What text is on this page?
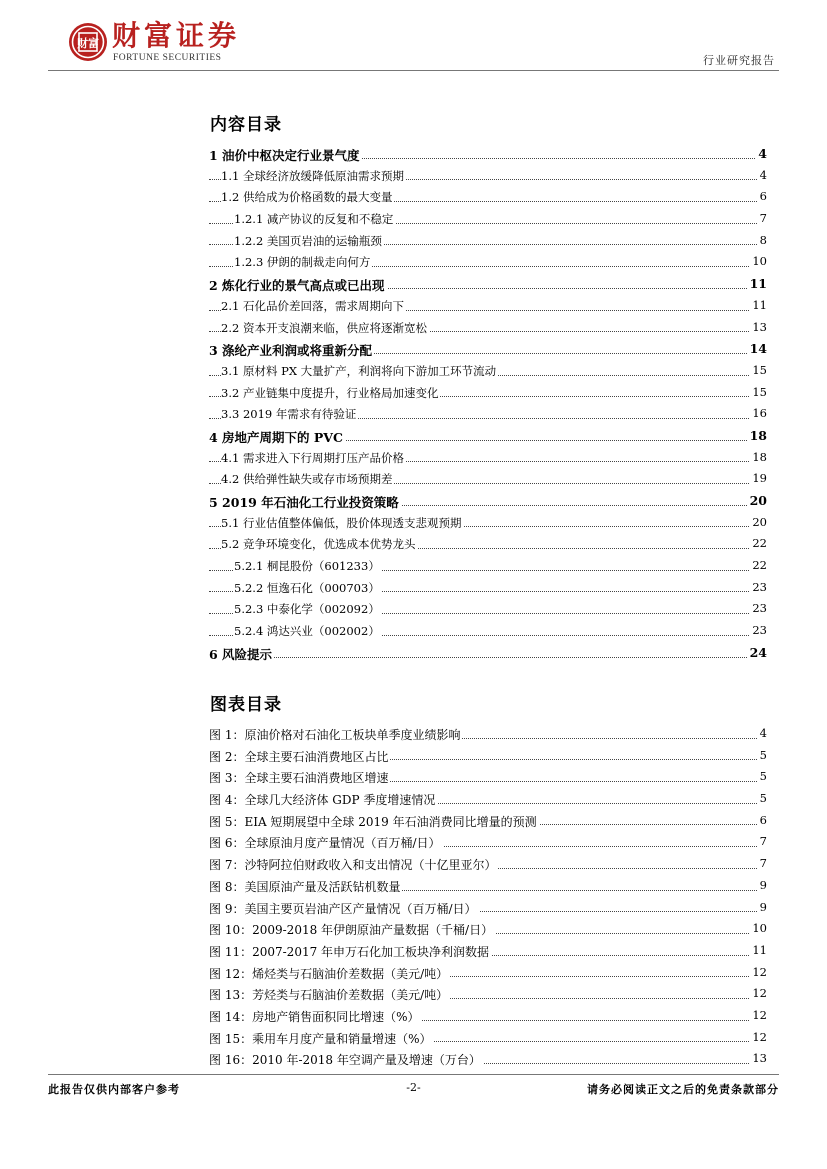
财富 财富证券
FORTUNE SECURITIES	行业研究报告
内容目录
1 油价中枢决定行业景气度	4
1.1 全球经济放缓降低原油需求预期	4
1.2 供给成为价格函数的最大变量	6
1.2.1 减产协议的反复和不稳定	7
1.2.2 美国页岩油的运输瓶颈	8
1.2.3 伊朗的制裁走向何方	10
2 炼化行业的景气高点或已出现	11
2.1 石化品价差回落，需求周期向下	11
2.2 资本开支浪潮来临，供应将逐渐宽松	13
3 涤纶产业利润或将重新分配	14
3.1 原材料 PX 大量扩产，利润将向下游加工环节流动	15
3.2 产业链集中度提升，行业格局加速变化	15
3.3 2019 年需求有待验证	16
4 房地产周期下的 PVC	18
4.1 需求进入下行周期打压产品价格	18
4.2 供给弹性缺失或存市场预期差	19
5 2019 年石油化工行业投资策略	20
5.1 行业估值整体偏低，股价体现透支悲观预期	20
5.2 竞争环境变化，优选成本优势龙头	22
5.2.1 桐昆股份（601233）	22
5.2.2 恒逸石化（000703）	23
5.2.3 中泰化学（002092）	23
5.2.4 鸿达兴业（002002）	23
6 风险提示	24
图表目录
图 1：原油价格对石油化工板块单季度业绩影响	4
图 2：全球主要石油消费地区占比	5
图 3：全球主要石油消费地区增速	5
图 4：全球几大经济体 GDP 季度增速情况	5
图 5：EIA 短期展望中全球 2019 年石油消费同比增量的预测	6
图 6：全球原油月度产量情况（百万桶/日）	7
图 7：沙特阿拉伯财政收入和支出情况（十亿里亚尔）	7
图 8：美国原油产量及活跃钻机数量	9
图 9：美国主要页岩油产区产量情况（百万桶/日）	9
图 10：2009-2018 年伊朗原油产量数据（千桶/日）	10
图 11：2007-2017 年申万石化加工板块净利润数据	11
图 12：烯烃类与石脑油价差数据（美元/吨）	12
图 13：芳烃类与石脑油价差数据（美元/吨）	12
图 14：房地产销售面积同比增速（%）	12
图 15：乘用车月度产量和销量增速（%）	12
图 16：2010 年-2018 年空调产量及增速（万台）	13
此报告仅供内部客户参考	-2-	请务必阅读正文之后的免责条款部分
